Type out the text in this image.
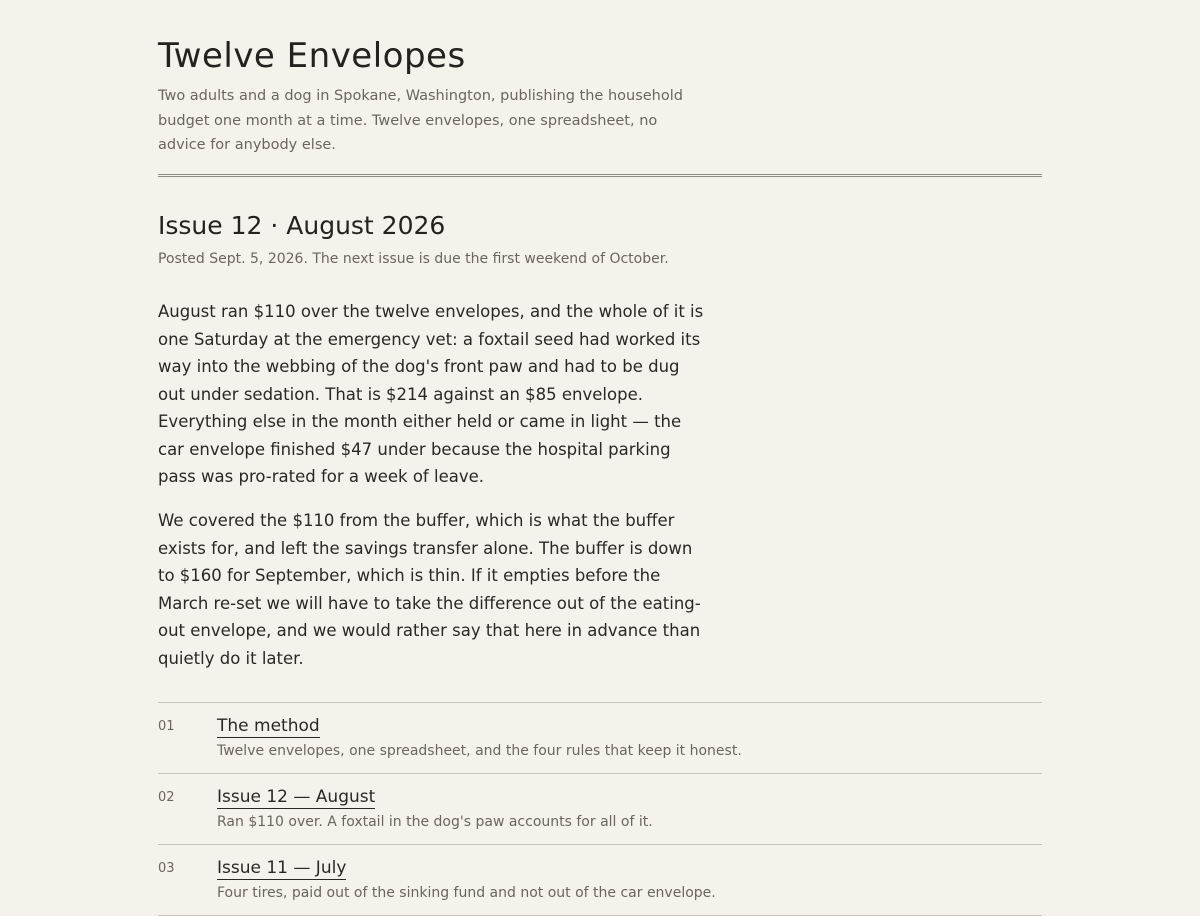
Twelve Envelopes

Two adults and a dog in Spokane, Washington, publishing the household budget one month at a time. Twelve envelopes, one spreadsheet, no advice for anybody else.

Issue 12 · August 2026

Posted Sept. 5, 2026. The next issue is due the first weekend of October.

August ran $110 over the twelve envelopes, and the whole of it is one Saturday at the emergency vet: a foxtail seed had worked its way into the webbing of the dog's front paw and had to be dug out under sedation. That is $214 against an $85 envelope. Everything else in the month either held or came in light — the car envelope finished $47 under because the hospital parking pass was pro-rated for a week of leave.

We covered the $110 from the buffer, which is what the buffer exists for, and left the savings transfer alone. The buffer is down to $160 for September, which is thin. If it empties before the March re-set we will have to take the difference out of the eating-out envelope, and we would rather say that here in advance than quietly do it later.

01 The method
Twelve envelopes, one spreadsheet, and the four rules that keep it honest.
02 Issue 12 — August
Ran $110 over. A foxtail in the dog's paw accounts for all of it.
03 Issue 11 — July
Four tires, paid out of the sinking fund and not out of the car envelope.
